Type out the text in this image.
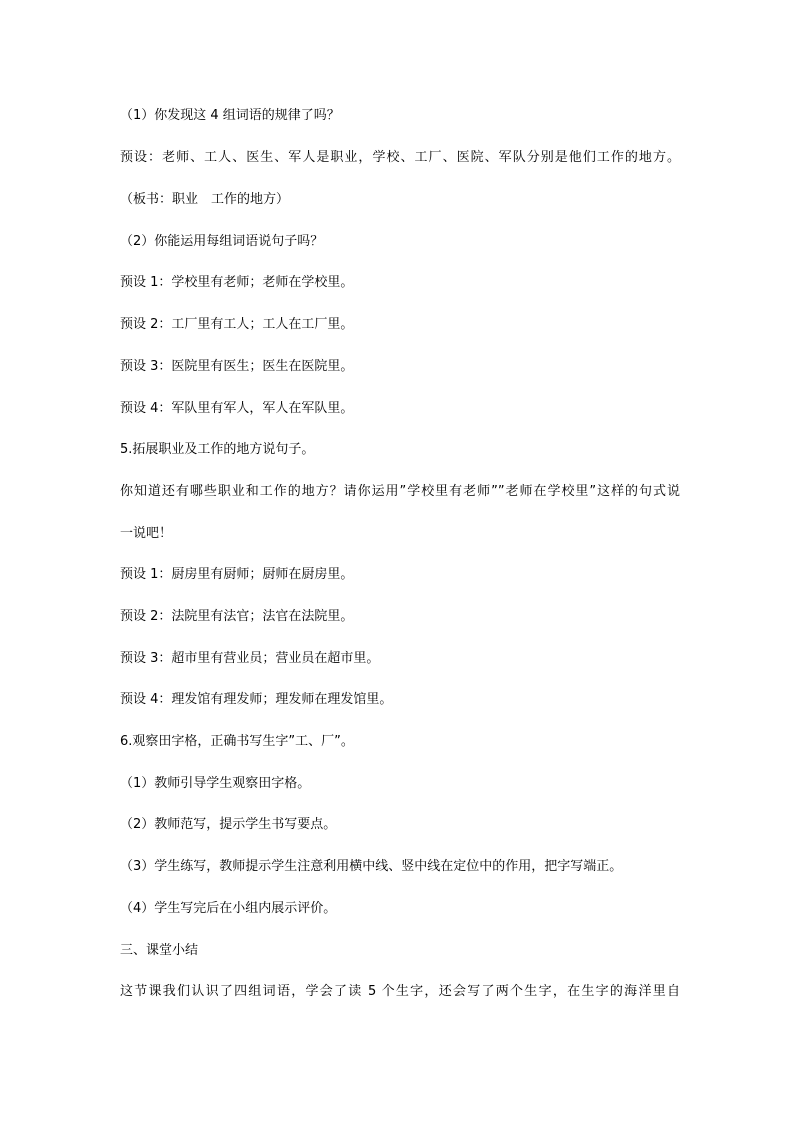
（1）你发现这 4 组词语的规律了吗？
预设：老师、工人、医生、军人是职业，学校、工厂、医院、军队分别是他们工作的地方。
（板书：职业　工作的地方）
（2）你能运用每组词语说句子吗？
预设 1：学校里有老师；老师在学校里。
预设 2：工厂里有工人；工人在工厂里。
预设 3：医院里有医生；医生在医院里。
预设 4：军队里有军人，军人在军队里。
5.拓展职业及工作的地方说句子。
你知道还有哪些职业和工作的地方？请你运用”学校里有老师””老师在学校里”这样的句式说
一说吧！
预设 1：厨房里有厨师；厨师在厨房里。
预设 2：法院里有法官；法官在法院里。
预设 3：超市里有营业员；营业员在超市里。
预设 4：理发馆有理发师；理发师在理发馆里。
6.观察田字格，正确书写生字”工、厂”。
（1）教师引导学生观察田字格。
（2）教师范写，提示学生书写要点。
（3）学生练写，教师提示学生注意利用横中线、竖中线在定位中的作用，把字写端正。
（4）学生写完后在小组内展示评价。
三、课堂小结
这节课我们认识了四组词语，学会了读 5 个生字，还会写了两个生字，在生字的海洋里自
